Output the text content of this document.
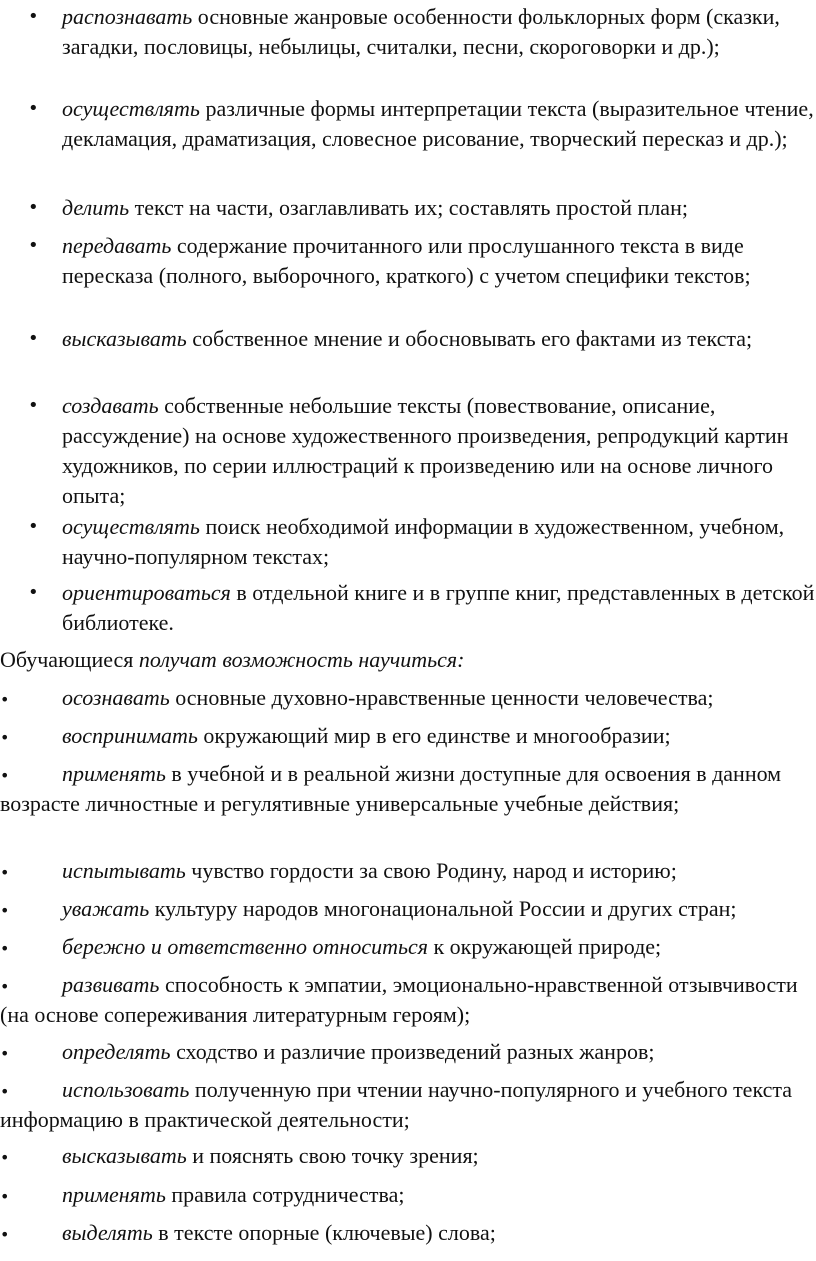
• распознавать основные жанровые особенности фольклорных форм (сказки, загадки, пословицы, небылицы, считалки, песни, скороговорки и др.);
• осуществлять различные формы интерпретации текста (выразительное чтение, декламация, драматизация, словесное рисование, творческий пересказ и др.);
• делить текст на части, озаглавливать их; составлять простой план;
• передавать содержание прочитанного или прослушанного текста в виде пересказа (полного, выборочного, краткого) с учетом специфики текстов;
• высказывать собственное мнение и обосновывать его фактами из текста;
• создавать собственные небольшие тексты (повествование, описание, рассуждение) на основе художественного произведения, репродукций картин художников, по серии иллюстраций к произведению или на основе личного опыта;
• осуществлять поиск необходимой информации в художественном, учебном, научно-популярном текстах;
• ориентироваться в отдельной книге и в группе книг, представленных в детской библиотеке.
Обучающиеся получат возможность научиться:
• осознавать основные духовно-нравственные ценности человечества;
• воспринимать окружающий мир в его единстве и многообразии;
• применять в учебной и в реальной жизни доступные для освоения в данном возрасте личностные и регулятивные универсальные учебные действия;
• испытывать чувство гордости за свою Родину, народ и историю;
• уважать культуру народов многонациональной России и других стран;
• бережно и ответственно относиться к окружающей природе;
• развивать способность к эмпатии, эмоционально-нравственной отзывчивости (на основе сопереживания литературным героям);
• определять сходство и различие произведений разных жанров;
• использовать полученную при чтении научно-популярного и учебного текста информацию в практической деятельности;
• высказывать и пояснять свою точку зрения;
• применять правила сотрудничества;
• выделять в тексте опорные (ключевые) слова;
